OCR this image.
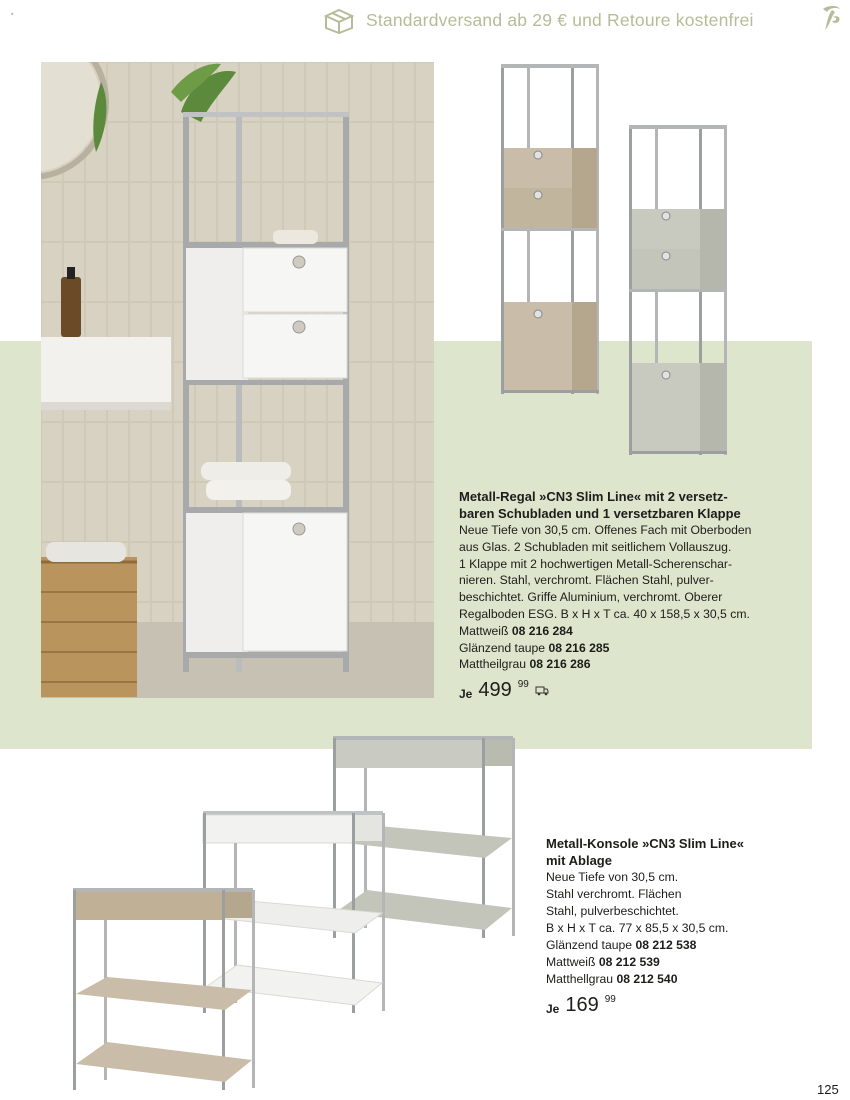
▪	Standardversand ab 29 € und Retoure kostenfrei
Metall-Regal »CN3 Slim Line« mit 2 versetz-
baren Schubladen und 1 versetzbaren Klappe
Neue Tiefe von 30,5 cm. Offenes Fach mit Oberboden
aus Glas. 2 Schubladen mit seitlichem Vollauszug.
1 Klappe mit 2 hochwertigen Metall-Scherenschar-
nieren. Stahl, verchromt. Flächen Stahl, pulver-
beschichtet. Griffe Aluminium, verchromt. Oberer
Regalboden ESG. B x H x T ca. 40 x 158,5 x 30,5 cm.
Mattweiß 08 216 284
Glänzend taupe 08 216 285
Mattheilgrau 08 216 286
Je 499 99
Metall-Konsole »CN3 Slim Line«
mit Ablage
Neue Tiefe von 30,5 cm.
Stahl verchromt. Flächen
Stahl, pulverbeschichtet.
B x H x T ca. 77 x 85,5 x 30,5 cm.
Glänzend taupe 08 212 538
Mattweiß 08 212 539
Matthellgrau 08 212 540
Je 169 99
125
